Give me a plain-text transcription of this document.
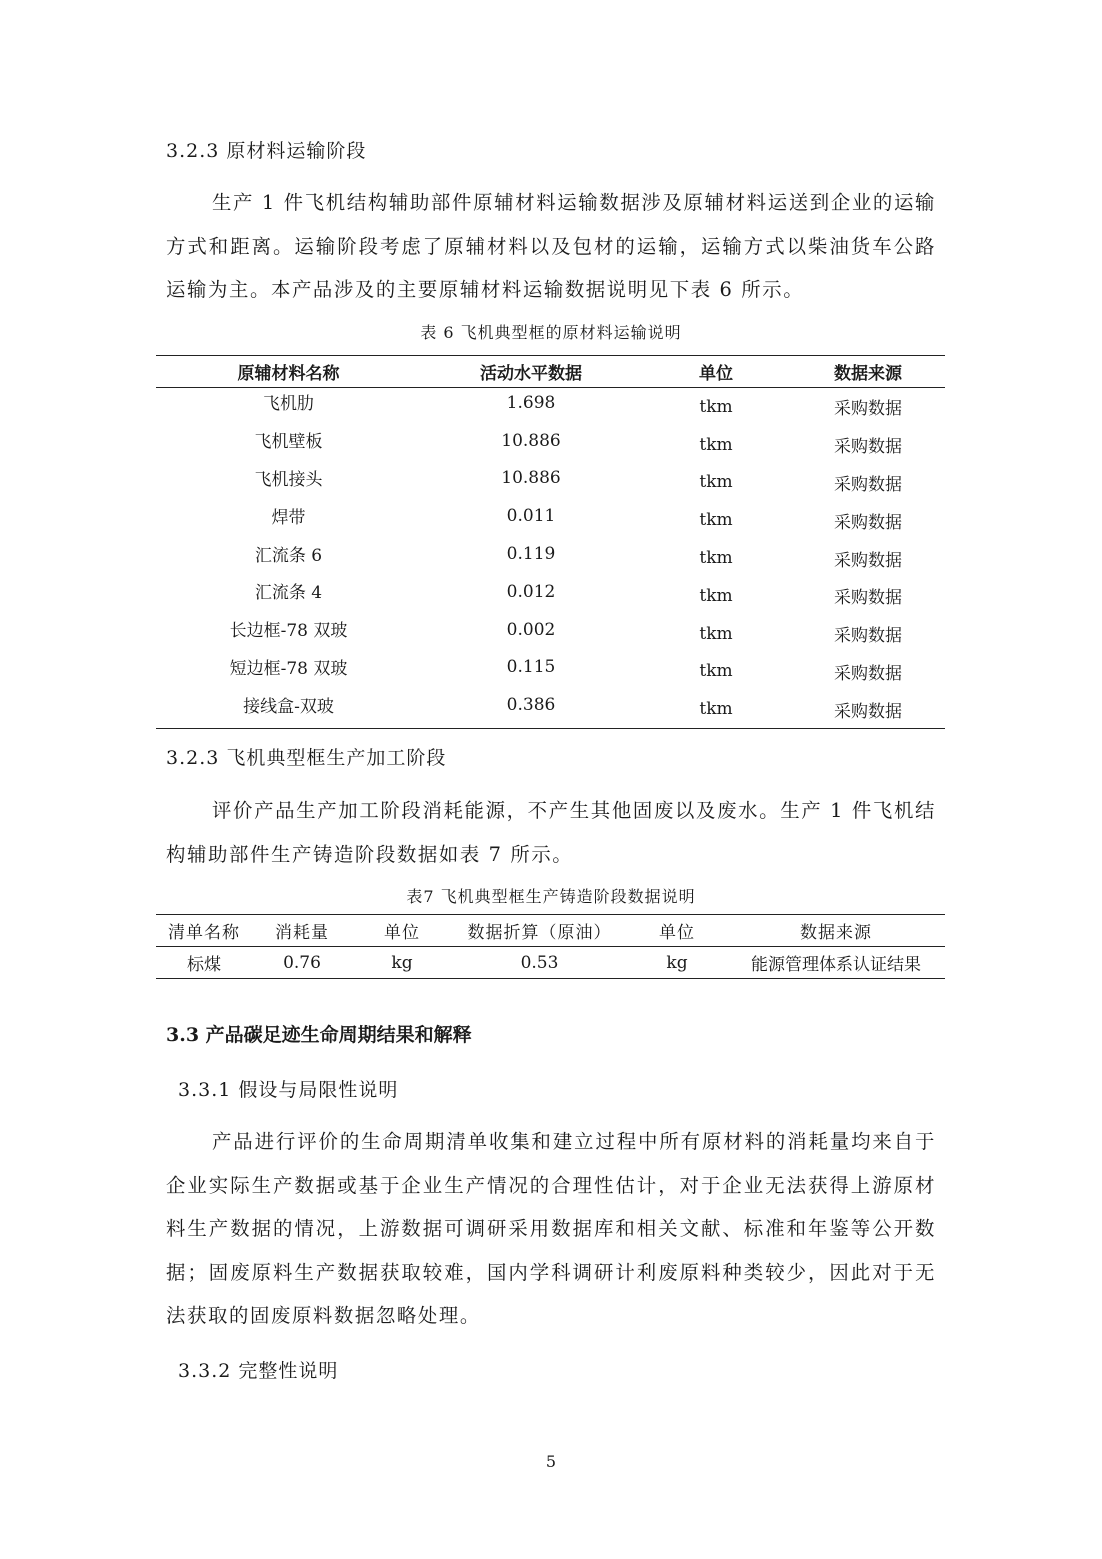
3.2.3 原材料运输阶段

生产 1 件飞机结构辅助部件原辅材料运输数据涉及原辅材料运送到企业的运输方式和距离。运输阶段考虑了原辅材料以及包材的运输，运输方式以柴油货车公路运输为主。本产品涉及的主要原辅材料运输数据说明见下表 6 所示。

表 6 飞机典型框的原材料运输说明
原辅材料名称	活动水平数据	单位	数据来源
飞机肋	1.698	tkm	采购数据
飞机壁板	10.886	tkm	采购数据
飞机接头	10.886	tkm	采购数据
焊带	0.011	tkm	采购数据
汇流条 6	0.119	tkm	采购数据
汇流条 4	0.012	tkm	采购数据
长边框-78 双玻	0.002	tkm	采购数据
短边框-78 双玻	0.115	tkm	采购数据
接线盒-双玻	0.386	tkm	采购数据
3.2.3 飞机典型框生产加工阶段

评价产品生产加工阶段消耗能源，不产生其他固废以及废水。生产 1 件飞机结构辅助部件生产铸造阶段数据如表 7 所示。

表7 飞机典型框生产铸造阶段数据说明
清单名称	消耗量	单位	数据折算（原油）	单位	数据来源
标煤	0.76	kg	0.53	kg	能源管理体系认证结果
3.3 产品碳足迹生命周期结果和解释
3.3.1 假设与局限性说明

产品进行评价的生命周期清单收集和建立过程中所有原材料的消耗量均来自于企业实际生产数据或基于企业生产情况的合理性估计，对于企业无法获得上游原材料生产数据的情况，上游数据可调研采用数据库和相关文献、标准和年鉴等公开数据；固废原料生产数据获取较难，国内学科调研计利废原料种类较少，因此对于无法获取的固废原料数据忽略处理。

3.3.2 完整性说明
5
